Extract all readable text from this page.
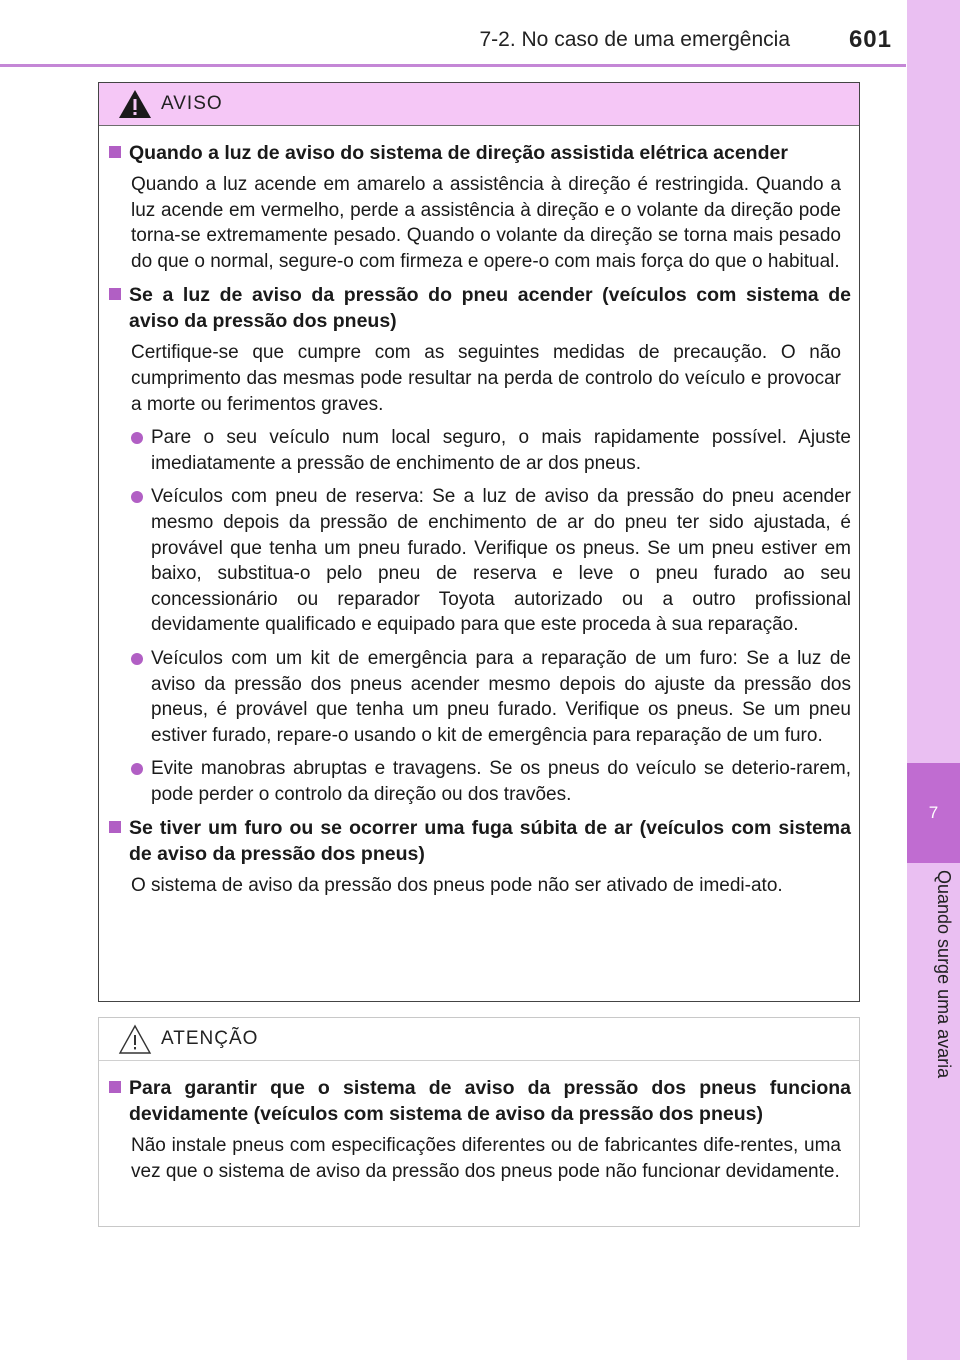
7-2. No caso de uma emergência 601
7
Quando surge uma avaria
AVISO
Quando a luz de aviso do sistema de direção assistida elétrica acender
Quando a luz acende em amarelo a assistência à direção é restringida. Quando a luz acende em vermelho, perde a assistência à direção e o volante da direção pode torna-se extremamente pesado. Quando o volante da direção se torna mais pesado do que o normal, segure-o com firmeza e opere-o com mais força do que o habitual.
Se a luz de aviso da pressão do pneu acender (veículos com sistema de aviso da pressão dos pneus)
Certifique-se que cumpre com as seguintes medidas de precaução. O não cumprimento das mesmas pode resultar na perda de controlo do veículo e provocar a morte ou ferimentos graves.
Pare o seu veículo num local seguro, o mais rapidamente possível. Ajuste imediatamente a pressão de enchimento de ar dos pneus.
Veículos com pneu de reserva: Se a luz de aviso da pressão do pneu acender mesmo depois da pressão de enchimento de ar do pneu ter sido ajustada, é provável que tenha um pneu furado. Verifique os pneus. Se um pneu estiver em baixo, substitua-o pelo pneu de reserva e leve o pneu furado ao seu concessionário ou reparador Toyota autorizado ou a outro profissional devidamente qualificado e equipado para que este proceda à sua reparação.
Veículos com um kit de emergência para a reparação de um furo: Se a luz de aviso da pressão dos pneus acender mesmo depois do ajuste da pressão dos pneus, é provável que tenha um pneu furado. Verifique os pneus. Se um pneu estiver furado, repare-o usando o kit de emergência para reparação de um furo.
Evite manobras abruptas e travagens. Se os pneus do veículo se deterio-rarem, pode perder o controlo da direção ou dos travões.
Se tiver um furo ou se ocorrer uma fuga súbita de ar (veículos com sistema de aviso da pressão dos pneus)
O sistema de aviso da pressão dos pneus pode não ser ativado de imedi-ato.
ATENÇÃO
Para garantir que o sistema de aviso da pressão dos pneus funciona devidamente (veículos com sistema de aviso da pressão dos pneus)
Não instale pneus com especificações diferentes ou de fabricantes dife-rentes, uma vez que o sistema de aviso da pressão dos pneus pode não funcionar devidamente.
